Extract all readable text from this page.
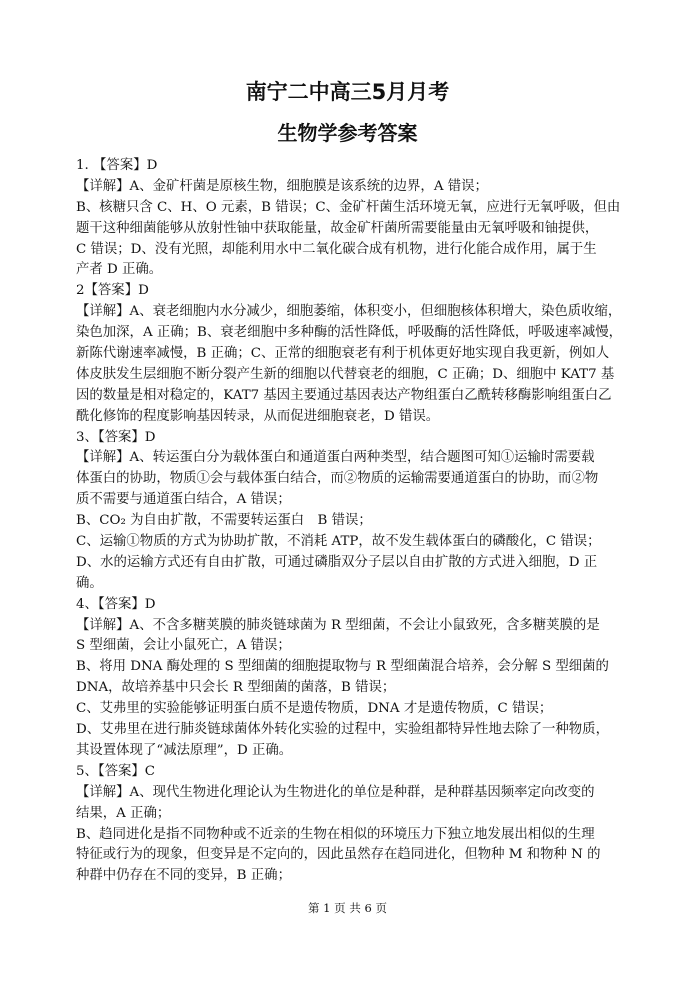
南宁二中高三5月月考
生物学参考答案
1. 【答案】D
【详解】A、金矿杆菌是原核生物，细胞膜是该系统的边界，A 错误；
B、核糖只含 C、H、O 元素，B 错误；C、金矿杆菌生活环境无氧，应进行无氧呼吸，但由
题干这种细菌能够从放射性铀中获取能量，故金矿杆菌所需要能量由无氧呼吸和铀提供，
C 错误；D、没有光照，却能利用水中二氧化碳合成有机物，进行化能合成作用，属于生
产者 D 正确。
2【答案】D
【详解】A、衰老细胞内水分减少，细胞萎缩，体积变小，但细胞核体积增大，染色质收缩，
染色加深，A 正确；B、衰老细胞中多种酶的活性降低，呼吸酶的活性降低，呼吸速率减慢，
新陈代谢速率减慢，B 正确；C、正常的细胞衰老有利于机体更好地实现自我更新，例如人
体皮肤发生层细胞不断分裂产生新的细胞以代替衰老的细胞，C 正确；D、细胞中 KAT7 基
因的数量是相对稳定的，KAT7 基因主要通过基因表达产物组蛋白乙酰转移酶影响组蛋白乙
酰化修饰的程度影响基因转录，从而促进细胞衰老，D 错误。
3、【答案】D
【详解】A、转运蛋白分为载体蛋白和通道蛋白两种类型，结合题图可知①运输时需要载
体蛋白的协助，物质①会与载体蛋白结合，而②物质的运输需要通道蛋白的协助，而②物
质不需要与通道蛋白结合，A 错误；
B、CO₂ 为自由扩散，不需要转运蛋白　B 错误；
C、运输①物质的方式为协助扩散，不消耗 ATP，故不发生载体蛋白的磷酸化，C 错误；
D、水的运输方式还有自由扩散，可通过磷脂双分子层以自由扩散的方式进入细胞，D 正
确。
4、【答案】D
【详解】A、不含多糖荚膜的肺炎链球菌为 R 型细菌，不会让小鼠致死，含多糖荚膜的是
S 型细菌，会让小鼠死亡，A 错误；
B、将用 DNA 酶处理的 S 型细菌的细胞提取物与 R 型细菌混合培养，会分解 S 型细菌的
DNA，故培养基中只会长 R 型细菌的菌落，B 错误；
C、艾弗里的实验能够证明蛋白质不是遗传物质，DNA 才是遗传物质，C 错误；
D、艾弗里在进行肺炎链球菌体外转化实验的过程中，实验组都特异性地去除了一种物质，
其设置体现了“减法原理”，D 正确。
5、【答案】C
【详解】A、现代生物进化理论认为生物进化的单位是种群，是种群基因频率定向改变的
结果，A 正确；
B、趋同进化是指不同物种或不近亲的生物在相似的环境压力下独立地发展出相似的生理
特征或行为的现象，但变异是不定向的，因此虽然存在趋同进化，但物种 M 和物种 N 的
种群中仍存在不同的变异，B 正确；
第 1 页 共 6 页
